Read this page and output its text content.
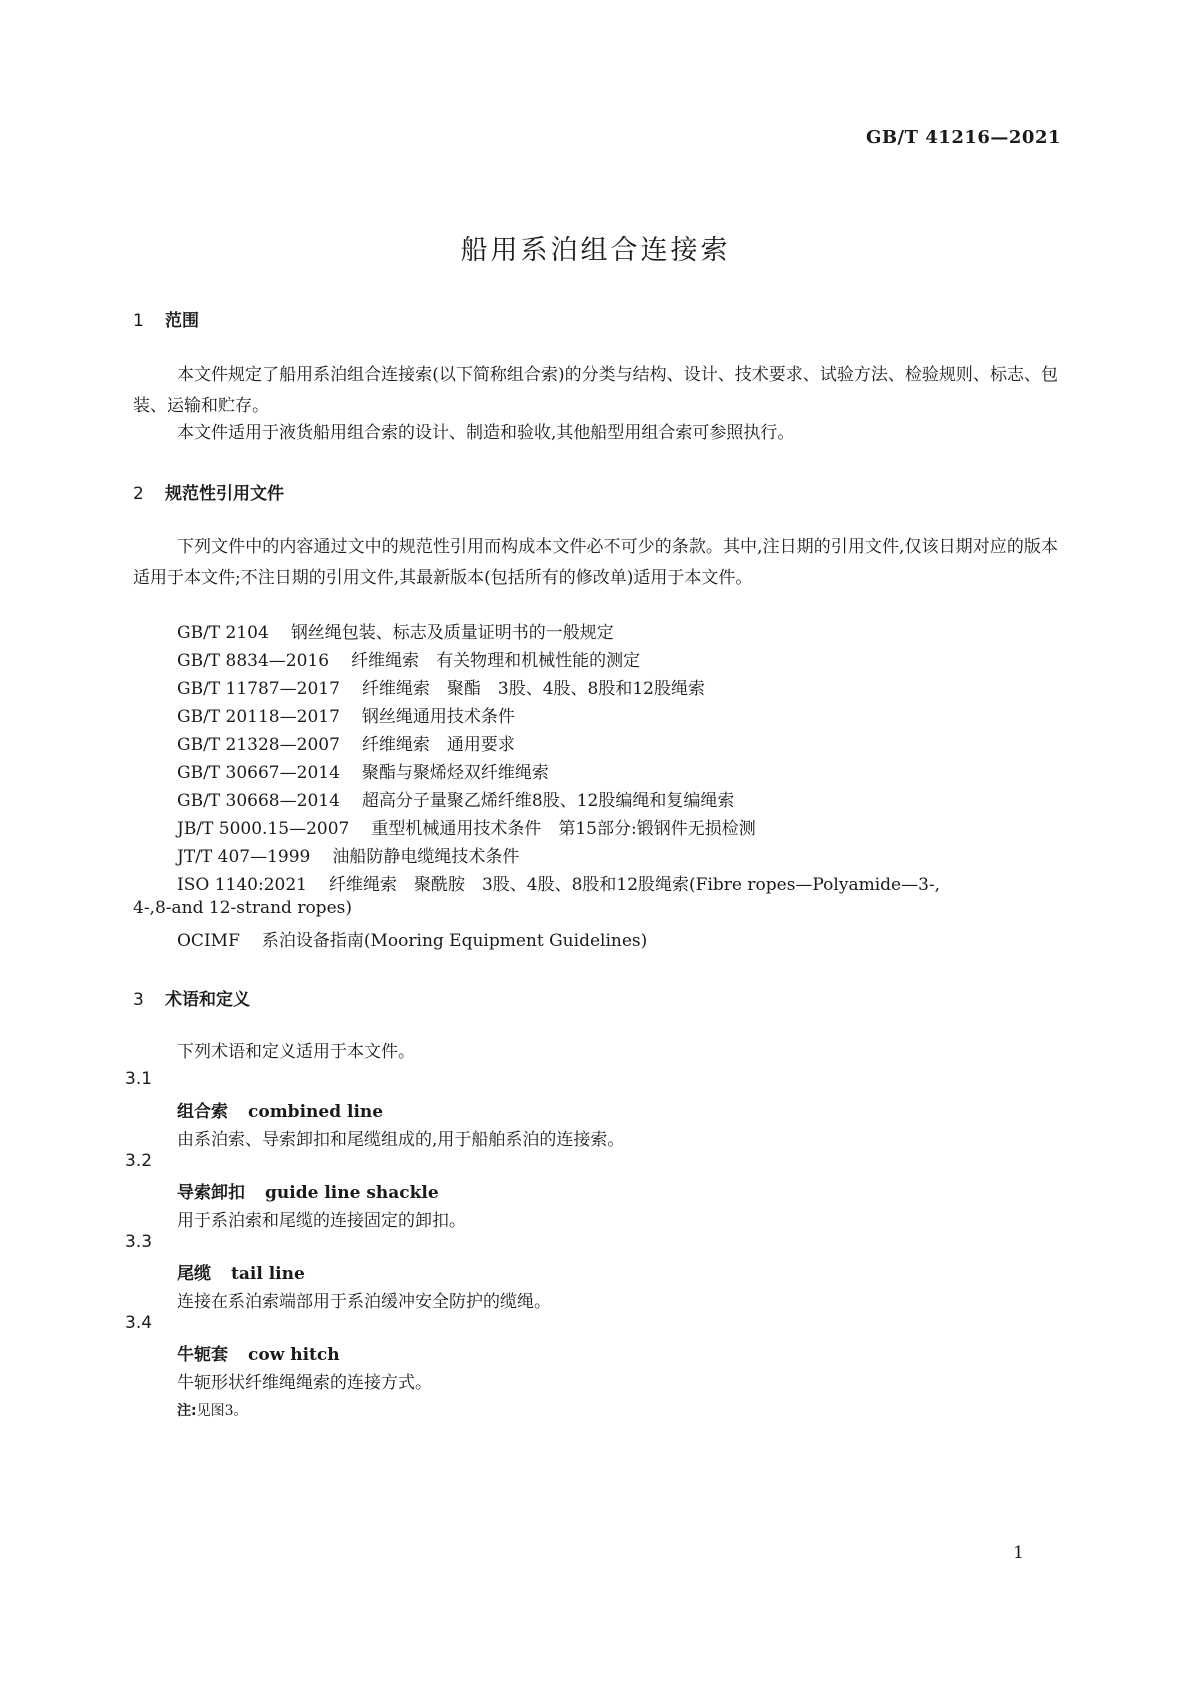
GB/T 41216—2021
船用系泊组合连接索
1 范围
本文件规定了船用系泊组合连接索(以下简称组合索)的分类与结构、设计、技术要求、试验方法、检验规则、标志、包装、运输和贮存。
本文件适用于液货船用组合索的设计、制造和验收,其他船型用组合索可参照执行。
2 规范性引用文件
下列文件中的内容通过文中的规范性引用而构成本文件必不可少的条款。其中,注日期的引用文件,仅该日期对应的版本适用于本文件;不注日期的引用文件,其最新版本(包括所有的修改单)适用于本文件。
GB/T 2104 钢丝绳包装、标志及质量证明书的一般规定
GB/T 8834—2016 纤维绳索　有关物理和机械性能的测定
GB/T 11787—2017 纤维绳索　聚酯　3股、4股、8股和12股绳索
GB/T 20118—2017 钢丝绳通用技术条件
GB/T 21328—2007 纤维绳索　通用要求
GB/T 30667—2014 聚酯与聚烯烃双纤维绳索
GB/T 30668—2014 超高分子量聚乙烯纤维8股、12股编绳和复编绳索
JB/T 5000.15—2007 重型机械通用技术条件　第15部分:锻钢件无损检测
JT/T 407—1999 油船防静电缆绳技术条件
ISO 1140:2021 纤维绳索　聚酰胺　3股、4股、8股和12股绳索(Fibre ropes—Polyamide—3-,
4-,8-and 12-strand ropes)
OCIMF 系泊设备指南(Mooring Equipment Guidelines)
3 术语和定义
下列术语和定义适用于本文件。
3.1
组合索 combined line
由系泊索、导索卸扣和尾缆组成的,用于船舶系泊的连接索。
3.2
导索卸扣 guide line shackle
用于系泊索和尾缆的连接固定的卸扣。
3.3
尾缆 tail line
连接在系泊索端部用于系泊缓冲安全防护的缆绳。
3.4
牛轭套 cow hitch
牛轭形状纤维绳绳索的连接方式。
注:见图3。
1
